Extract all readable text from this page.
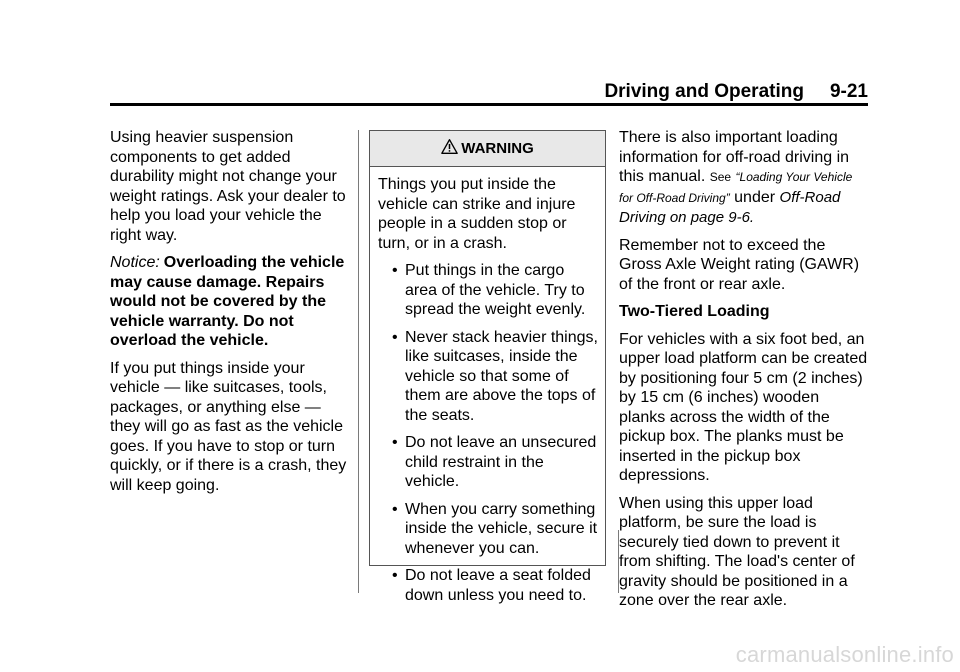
Driving and Operating 9-21

Using heavier suspension components to get added durability might not change your weight ratings. Ask your dealer to help you load your vehicle the right way.

Notice: Overloading the vehicle may cause damage. Repairs would not be covered by the vehicle warranty. Do not overload the vehicle.

If you put things inside your vehicle — like suitcases, tools, packages, or anything else — they will go as fast as the vehicle goes. If you have to stop or turn quickly, or if there is a crash, they will keep going.

WARNING

Things you put inside the vehicle can strike and injure people in a sudden stop or turn, or in a crash.

• Put things in the cargo area of the vehicle. Try to spread the weight evenly.
• Never stack heavier things, like suitcases, inside the vehicle so that some of them are above the tops of the seats.
• Do not leave an unsecured child restraint in the vehicle.
• When you carry something inside the vehicle, secure it whenever you can.
• Do not leave a seat folded down unless you need to.

There is also important loading information for off-road driving in this manual. See “Loading Your Vehicle for Off-Road Driving” under Off-Road Driving on page 9-6.

Remember not to exceed the Gross Axle Weight rating (GAWR) of the front or rear axle.

Two-Tiered Loading

For vehicles with a six foot bed, an upper load platform can be created by positioning four 5 cm (2 inches) by 15 cm (6 inches) wooden planks across the width of the pickup box. The planks must be inserted in the pickup box depressions.

When using this upper load platform, be sure the load is securely tied down to prevent it from shifting. The load's center of gravity should be positioned in a zone over the rear axle.

carmanualsonline.info
